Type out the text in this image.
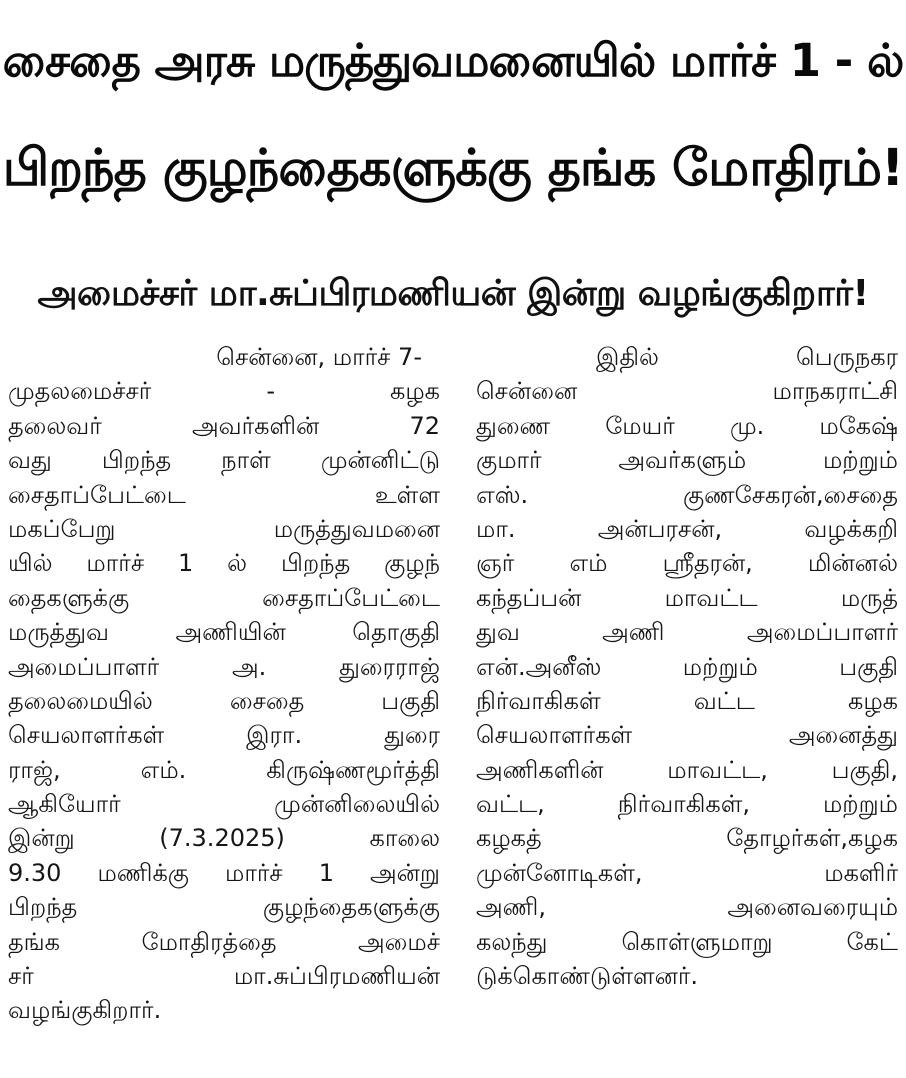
சைதை அரசு மருத்துவமனையில் மார்ச் 1 - ல்
பிறந்த குழந்தைகளுக்கு தங்க மோதிரம்!
அமைச்சர் மா.சுப்பிரமணியன் இன்று வழங்குகிறார்!
சென்னை, மார்ச் 7-
முதலமைச்சர் - கழக
தலைவர் அவர்களின் 72
வது பிறந்த நாள் முன்னிட்டு
சைதாப்பேட்டை உள்ள
மகப்பேறு மருத்துவமனை
யில் மார்ச் 1 ல் பிறந்த குழந்
தைகளுக்கு சைதாப்பேட்டை
மருத்துவ அணியின் தொகுதி
அமைப்பாளர் அ. துரைராஜ்
தலைமையில் சைதை பகுதி
செயலாளர்கள் இரா. துரை
ராஜ், எம். கிருஷ்ணமூர்த்தி
ஆகியோர் முன்னிலையில்
இன்று (7.3.2025) காலை
9.30 மணிக்கு மார்ச் 1 அன்று
பிறந்த குழந்தைகளுக்கு
தங்க மோதிரத்தை அமைச்
சர் மா.சுப்பிரமணியன்
வழங்குகிறார்.
இதில் பெருநகர
சென்னை மாநகராட்சி
துணை மேயர் மு. மகேஷ்
குமார் அவர்களும் மற்றும்
எஸ். குணசேகரன்,சைதை
மா. அன்பரசன், வழக்கறி
ஞர் எம் ஸ்ரீதரன், மின்னல்
கந்தப்பன் மாவட்ட மருத்
துவ அணி அமைப்பாளர்
என்.அனீஸ் மற்றும் பகுதி
நிர்வாகிகள் வட்ட கழக
செயலாளர்கள் அனைத்து
அணிகளின் மாவட்ட, பகுதி,
வட்ட, நிர்வாகிகள், மற்றும்
கழகத் தோழர்கள்,கழக
முன்னோடிகள், மகளிர்
அணி, அனைவரையும்
கலந்து கொள்ளுமாறு கேட்
டுக்கொண்டுள்ளனர்.
